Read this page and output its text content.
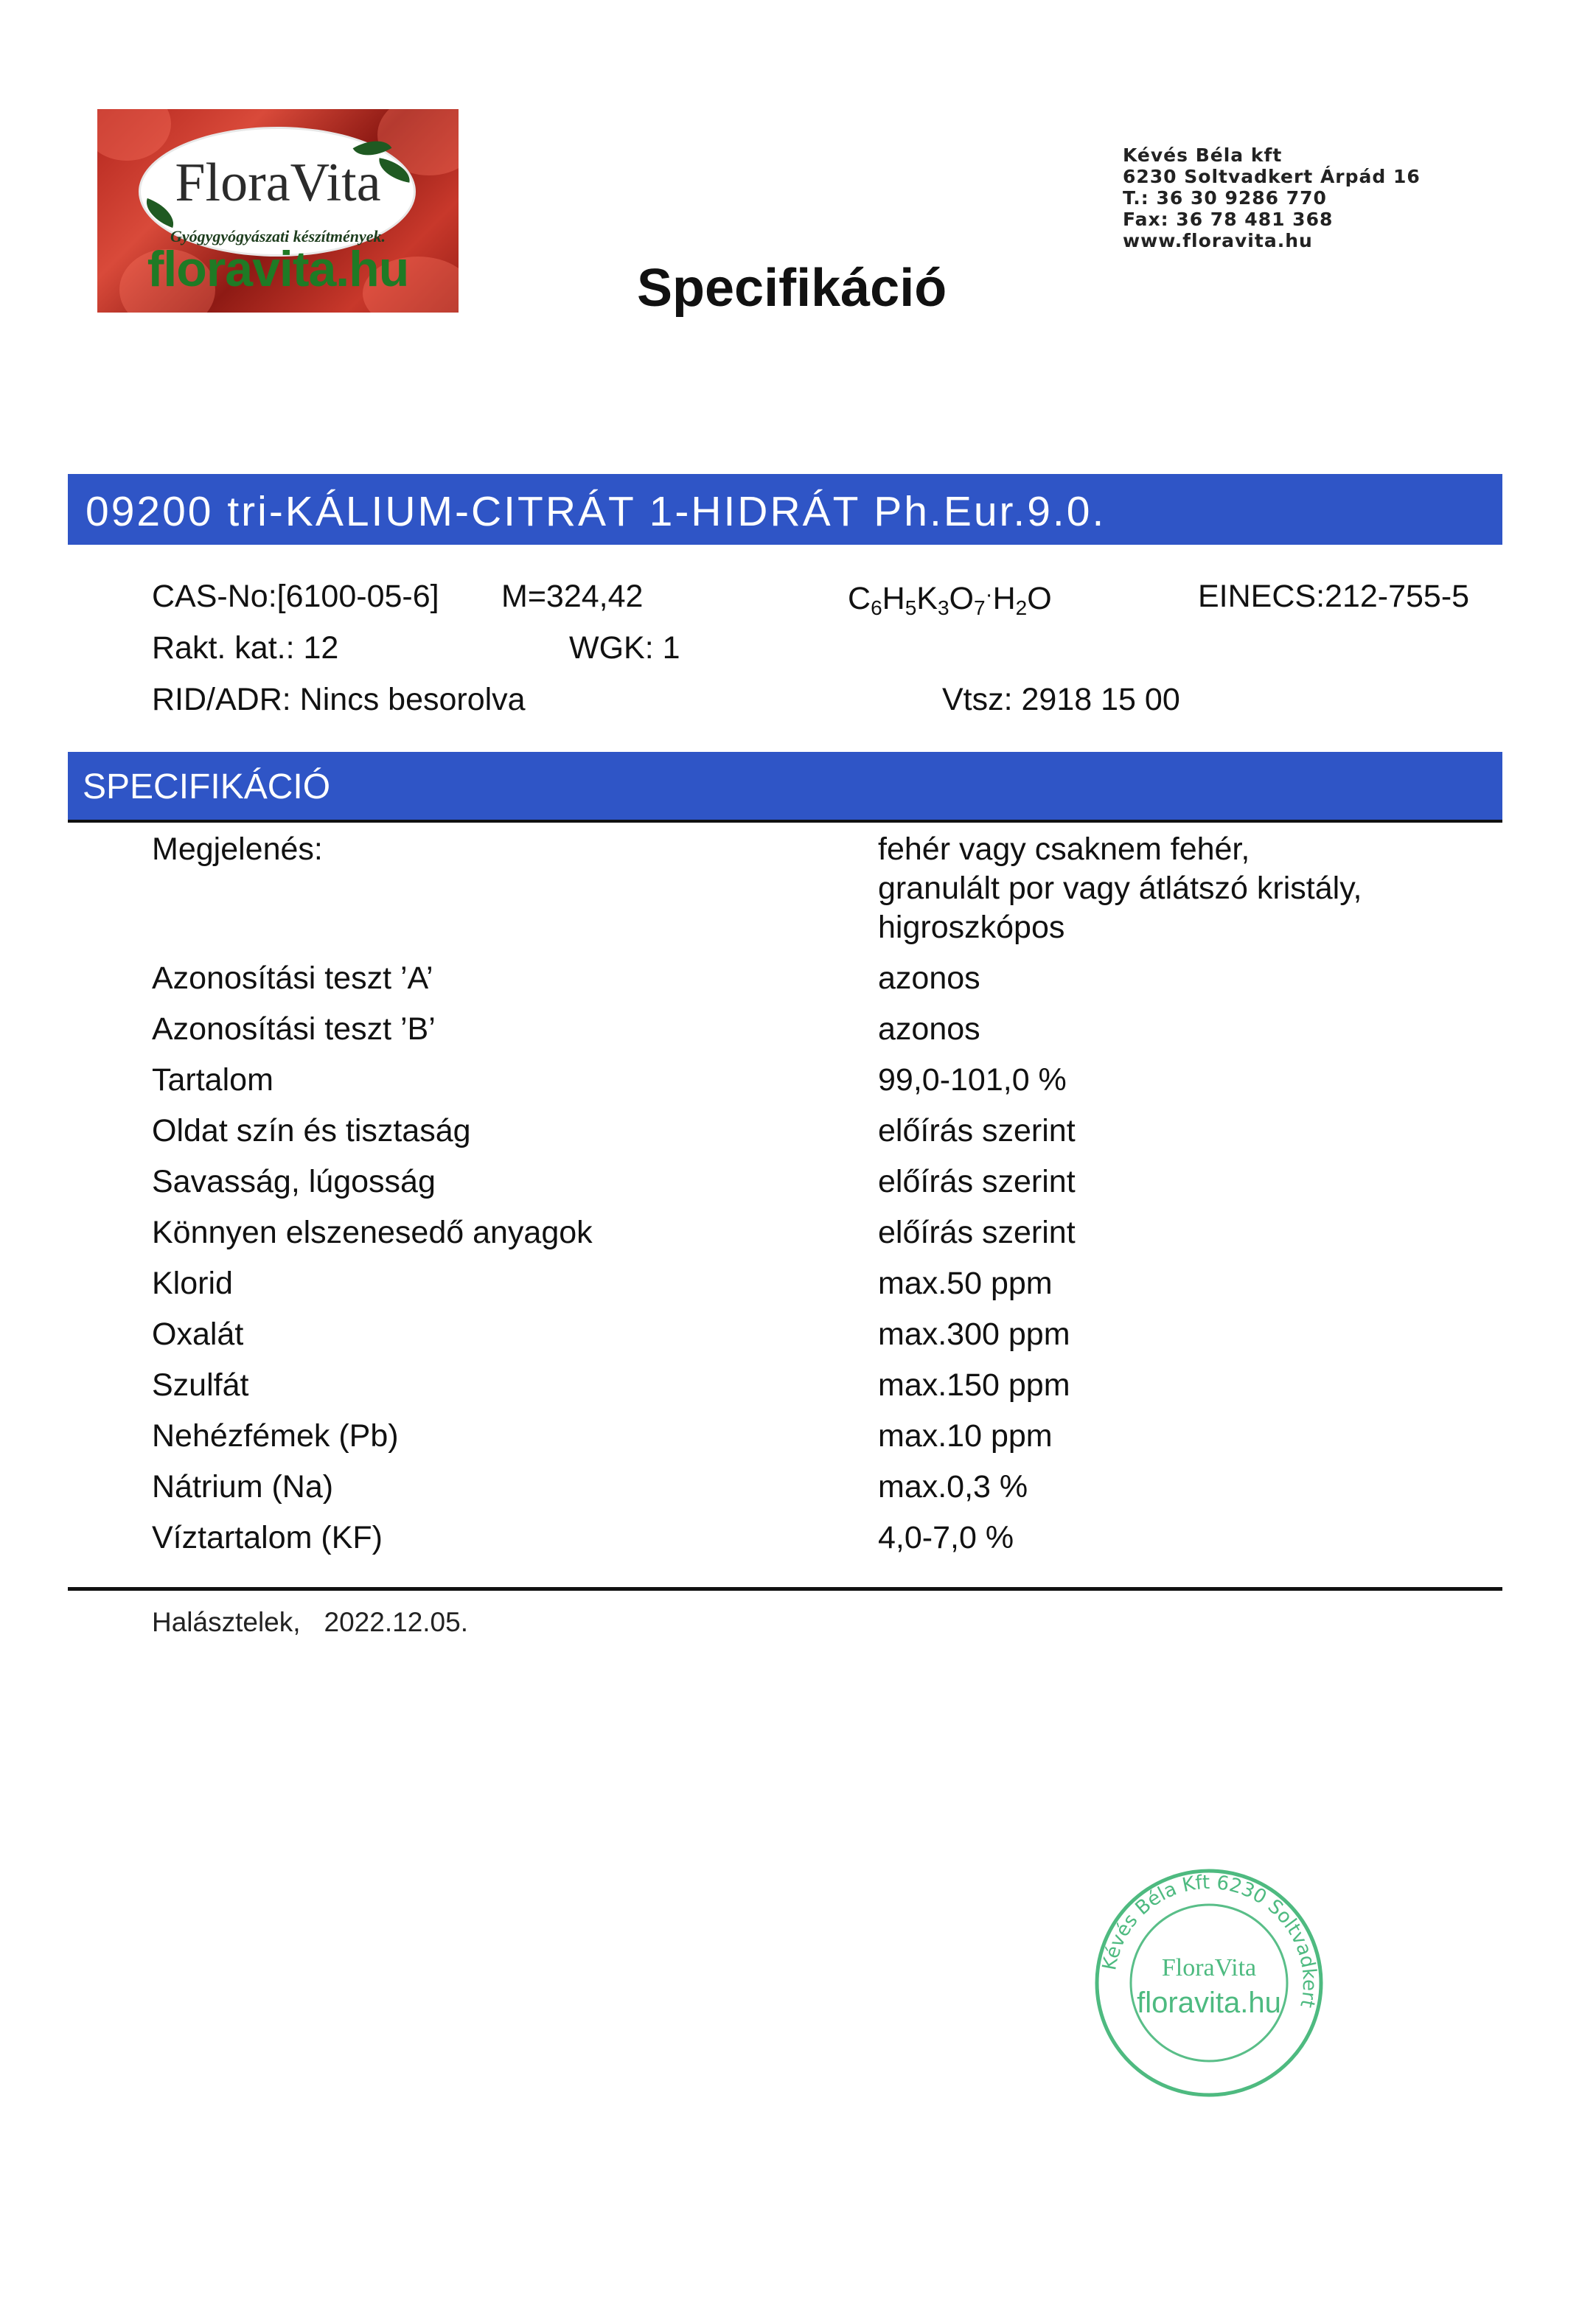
FloraVita
Gyógygyógyászati készítmények.
floravita.hu
Kévés Béla kft
6230 Soltvadkert Árpád 16
T.: 36 30 9286 770
Fax: 36 78 481 368
www.floravita.hu
Specifikáció
09200 tri-KÁLIUM-CITRÁT 1-HIDRÁT Ph.Eur.9.0.
CAS-No:[6100-05-6] M=324,42	$C_6H_5K_3O_7^\cdot H_2O$	EINECS:212-755-5
Rakt. kat.: 12	WGK: 1
RID/ADR: Nincs besorolva	Vtsz: 2918 15 00
SPECIFIKÁCIÓ
Megjelenés:	fehér vagy csaknem fehér,
granulált por vagy átlátszó kristály,
higroszkópos
Azonosítási teszt ’A’	azonos
Azonosítási teszt ’B’	azonos
Tartalom	99,0-101,0 %
Oldat szín és tisztaság	előírás szerint
Savasság, lúgosság	előírás szerint
Könnyen elszenesedő anyagok	előírás szerint
Klorid	max.50 ppm
Oxalát	max.300 ppm
Szulfát	max.150 ppm
Nehézfémek (Pb)	max.10 ppm
Nátrium (Na)	max.0,3 %
Víztartalom (KF)	4,0-7,0 %
Halásztelek, 2022.12.05.
Kévés Béla Kft 6230 Soltvadkert
FloraVita
floravita.hu
